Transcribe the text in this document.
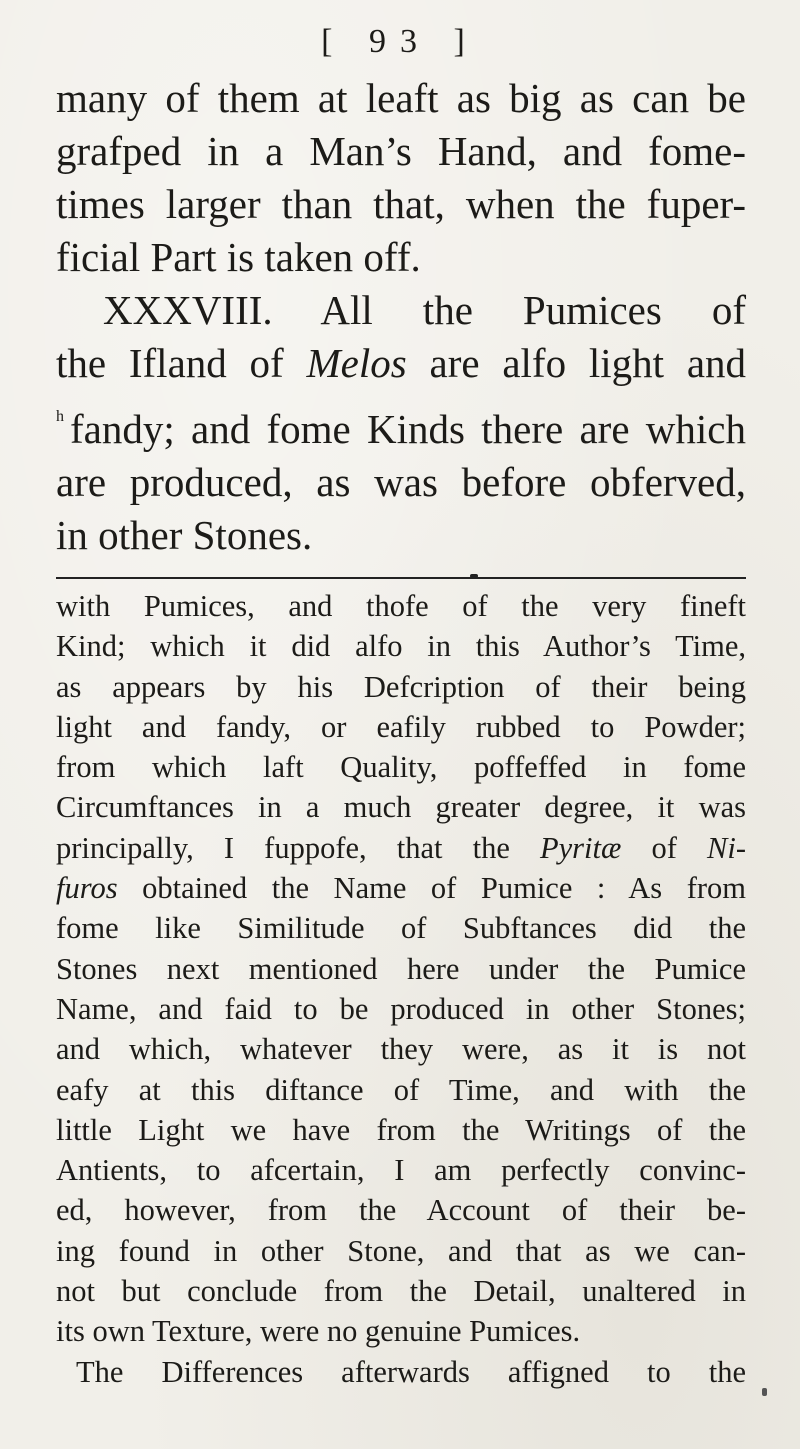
[ 93 ]
many of them at leaft as big as can be
grafped in a Man’s Hand, and fome-
times larger than that, when the fuper-
ficial Part is taken off.
XXXVIII. All the Pumices of
the Ifland of Melos are alfo light and
$^h$ fandy; and fome Kinds there are which
are produced, as was before obferved,
in other Stones.
with Pumices, and thofe of the very fineft
Kind; which it did alfo in this Author’s Time,
as appears by his Defcription of their being
light and fandy, or eafily rubbed to Powder;
from which laft Quality, poffeffed in fome
Circumftances in a much greater degree, it was
principally, I fuppofe, that the Pyritæ of Ni-
furos obtained the Name of Pumice : As from
fome like Similitude of Subftances did the
Stones next mentioned here under the Pumice
Name, and faid to be produced in other Stones;
and which, whatever they were, as it is not
eafy at this diftance of Time, and with the
little Light we have from the Writings of the
Antients, to afcertain, I am perfectly convinc-
ed, however, from the Account of their be-
ing found in other Stone, and that as we can-
not but conclude from the Detail, unaltered in
its own Texture, were no genuine Pumices.
The Differences afterwards affigned to the
